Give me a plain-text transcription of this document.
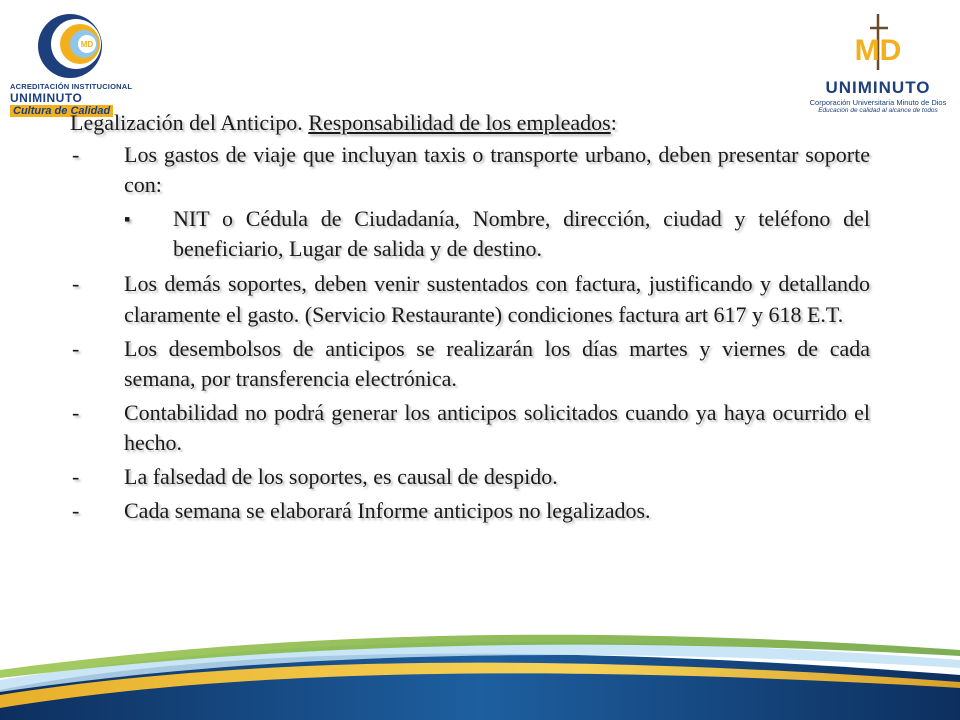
MD
ACREDITACIÓN INSTITUCIONAL
UNIMINUTO
Cultura de Calidad
MD
UNIMINUTO
Corporación Universitaria Minuto de Dios
Educación de calidad al alcance de todos
Legalización del Anticipo. Responsabilidad de los empleados:
- Los gastos de viaje que incluyan taxis o transporte urbano, deben presentar soporte con:
▪ NIT o Cédula de Ciudadanía, Nombre, dirección, ciudad y teléfono del beneficiario, Lugar de salida y de destino.
- Los demás soportes, deben venir sustentados con factura, justificando y detallando claramente el gasto. (Servicio Restaurante) condiciones factura art 617 y 618 E.T.
- Los desembolsos de anticipos se realizarán los días martes y viernes de cada semana, por transferencia electrónica.
- Contabilidad no podrá generar los anticipos solicitados cuando ya haya ocurrido el hecho.
- La falsedad de los soportes, es causal de despido.
- Cada semana se elaborará Informe anticipos no legalizados.
